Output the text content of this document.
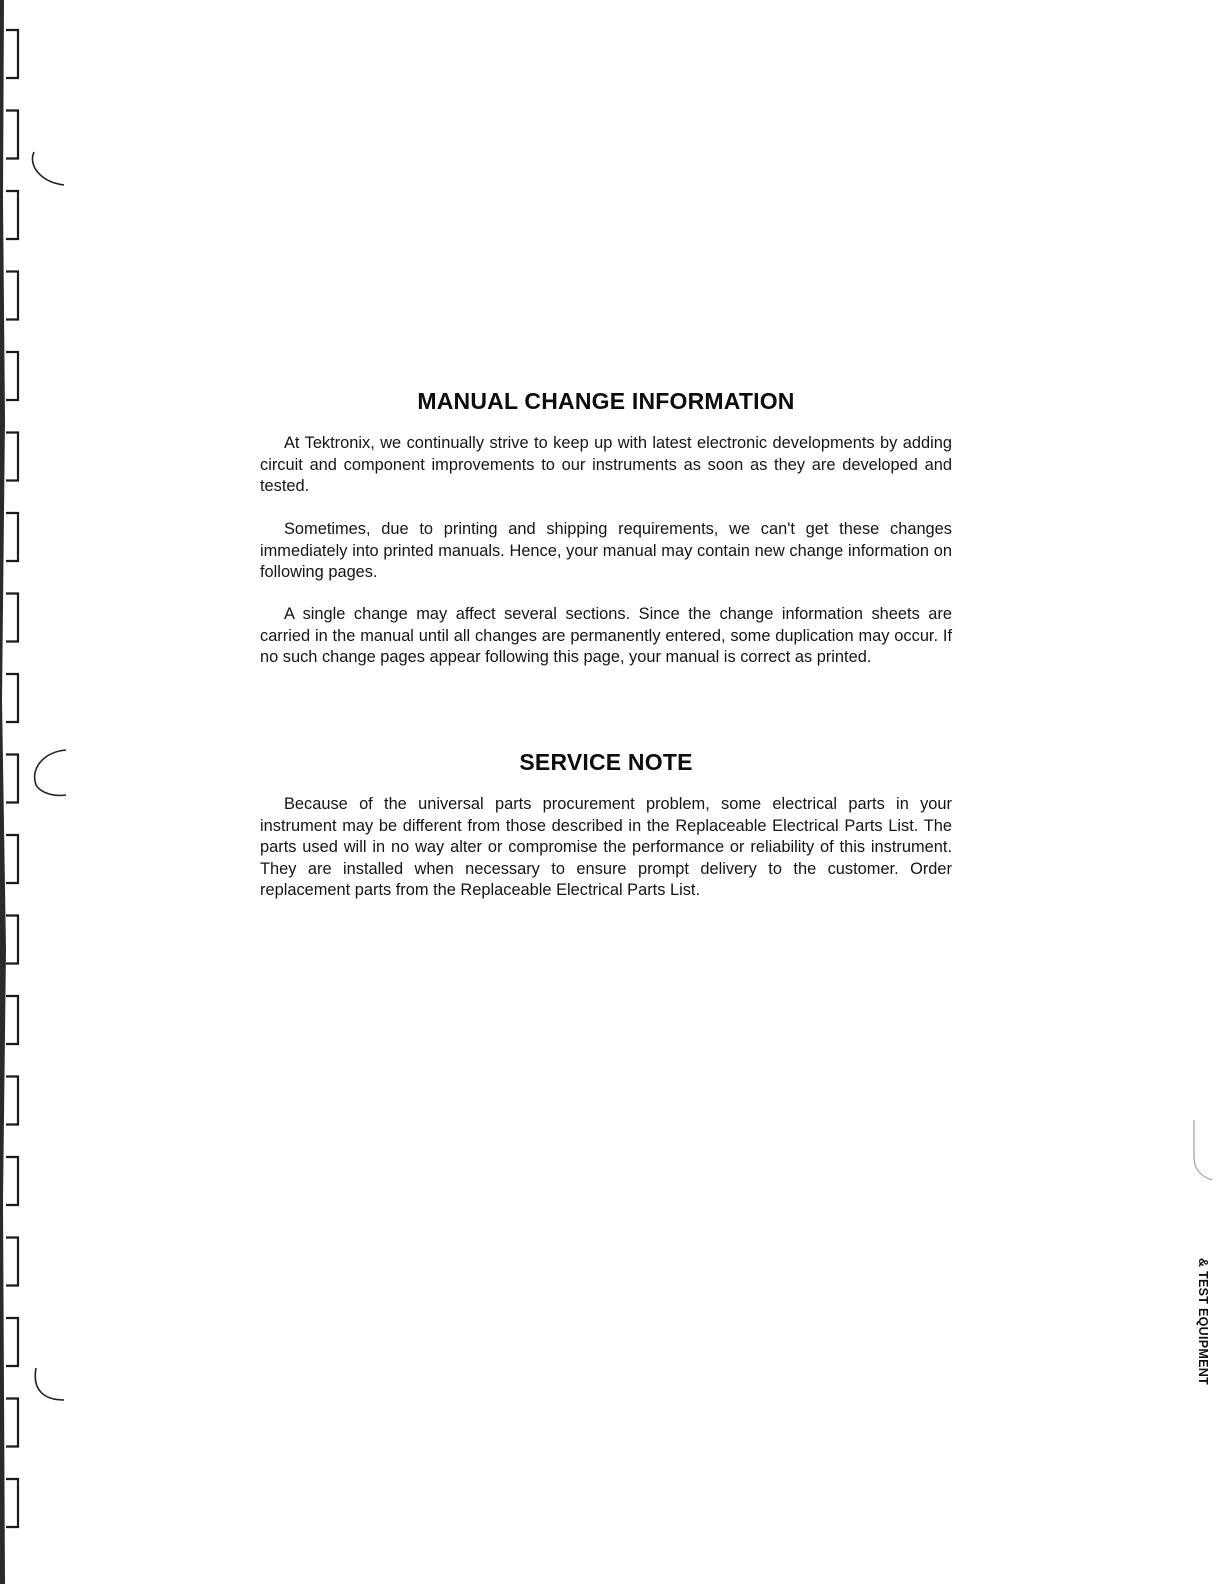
MANUAL CHANGE INFORMATION

At Tektronix, we continually strive to keep up with latest electronic developments by adding circuit and component improvements to our instruments as soon as they are developed and tested.

Sometimes, due to printing and shipping requirements, we can't get these changes immediately into printed manuals. Hence, your manual may contain new change information on following pages.

A single change may affect several sections. Since the change information sheets are carried in the manual until all changes are permanently entered, some duplication may occur. If no such change pages appear following this page, your manual is correct as printed.

SERVICE NOTE

Because of the universal parts procurement problem, some electrical parts in your instrument may be different from those described in the Replaceable Electrical Parts List. The parts used will in no way alter or compromise the performance or reliability of this instrument. They are installed when necessary to ensure prompt delivery to the customer. Order replacement parts from the Replaceable Electrical Parts List.

& TEST EQUIPMENT
